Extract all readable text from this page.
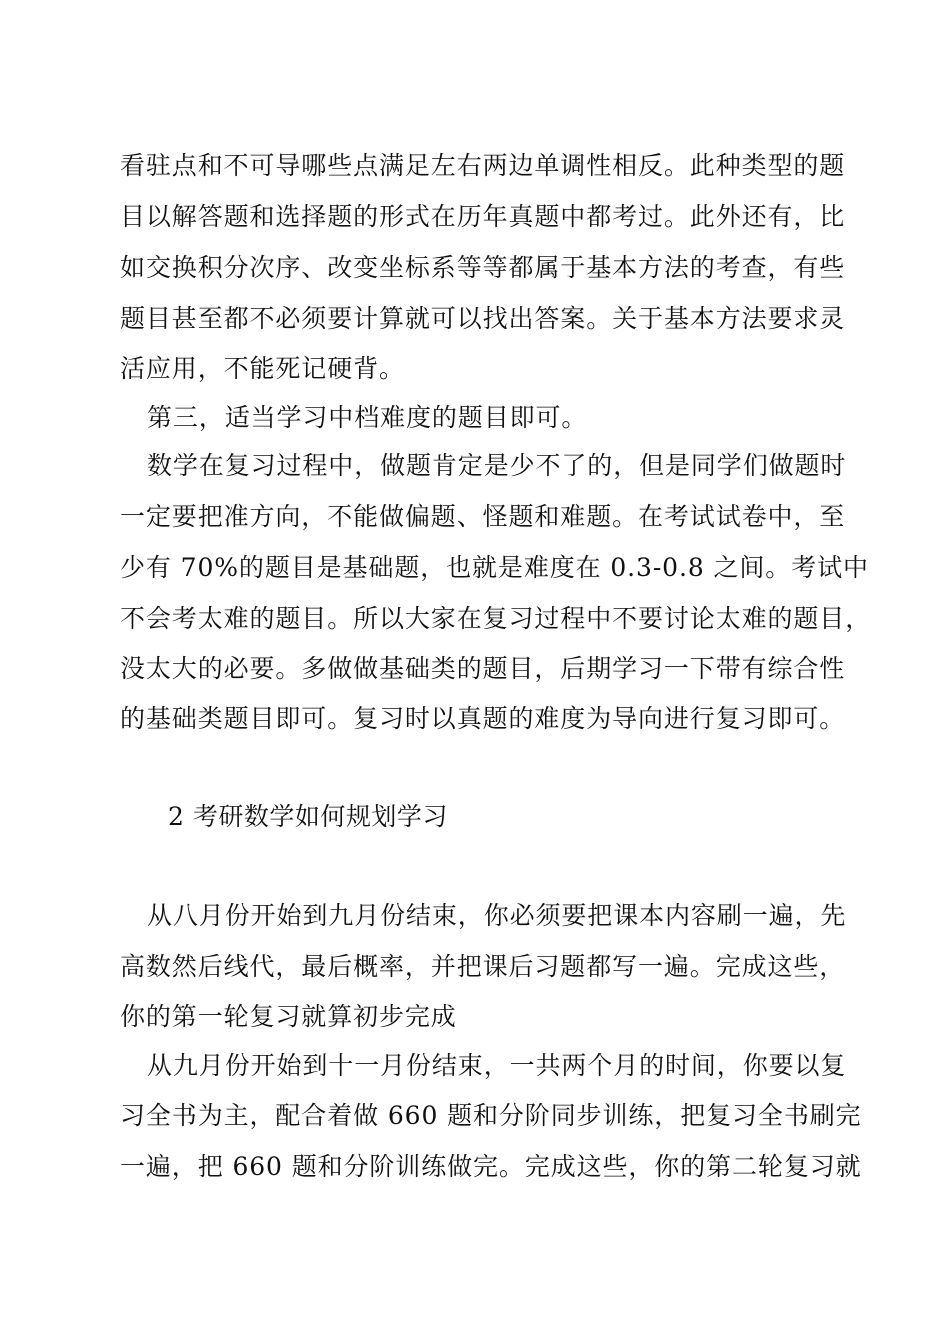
看驻点和不可导哪些点满足左右两边单调性相反。此种类型的题
目以解答题和选择题的形式在历年真题中都考过。此外还有，比
如交换积分次序、改变坐标系等等都属于基本方法的考查，有些
题目甚至都不必须要计算就可以找出答案。关于基本方法要求灵
活应用，不能死记硬背。
第三，适当学习中档难度的题目即可。
数学在复习过程中，做题肯定是少不了的，但是同学们做题时
一定要把准方向，不能做偏题、怪题和难题。在考试试卷中，至
少有 70%的题目是基础题，也就是难度在 0.3-0.8 之间。考试中
不会考太难的题目。所以大家在复习过程中不要讨论太难的题目，
没太大的必要。多做做基础类的题目，后期学习一下带有综合性
的基础类题目即可。复习时以真题的难度为导向进行复习即可。
2 考研数学如何规划学习
从八月份开始到九月份结束，你必须要把课本内容刷一遍，先
高数然后线代，最后概率，并把课后习题都写一遍。完成这些，
你的第一轮复习就算初步完成
从九月份开始到十一月份结束，一共两个月的时间，你要以复
习全书为主，配合着做 660 题和分阶同步训练，把复习全书刷完
一遍，把 660 题和分阶训练做完。完成这些，你的第二轮复习就
